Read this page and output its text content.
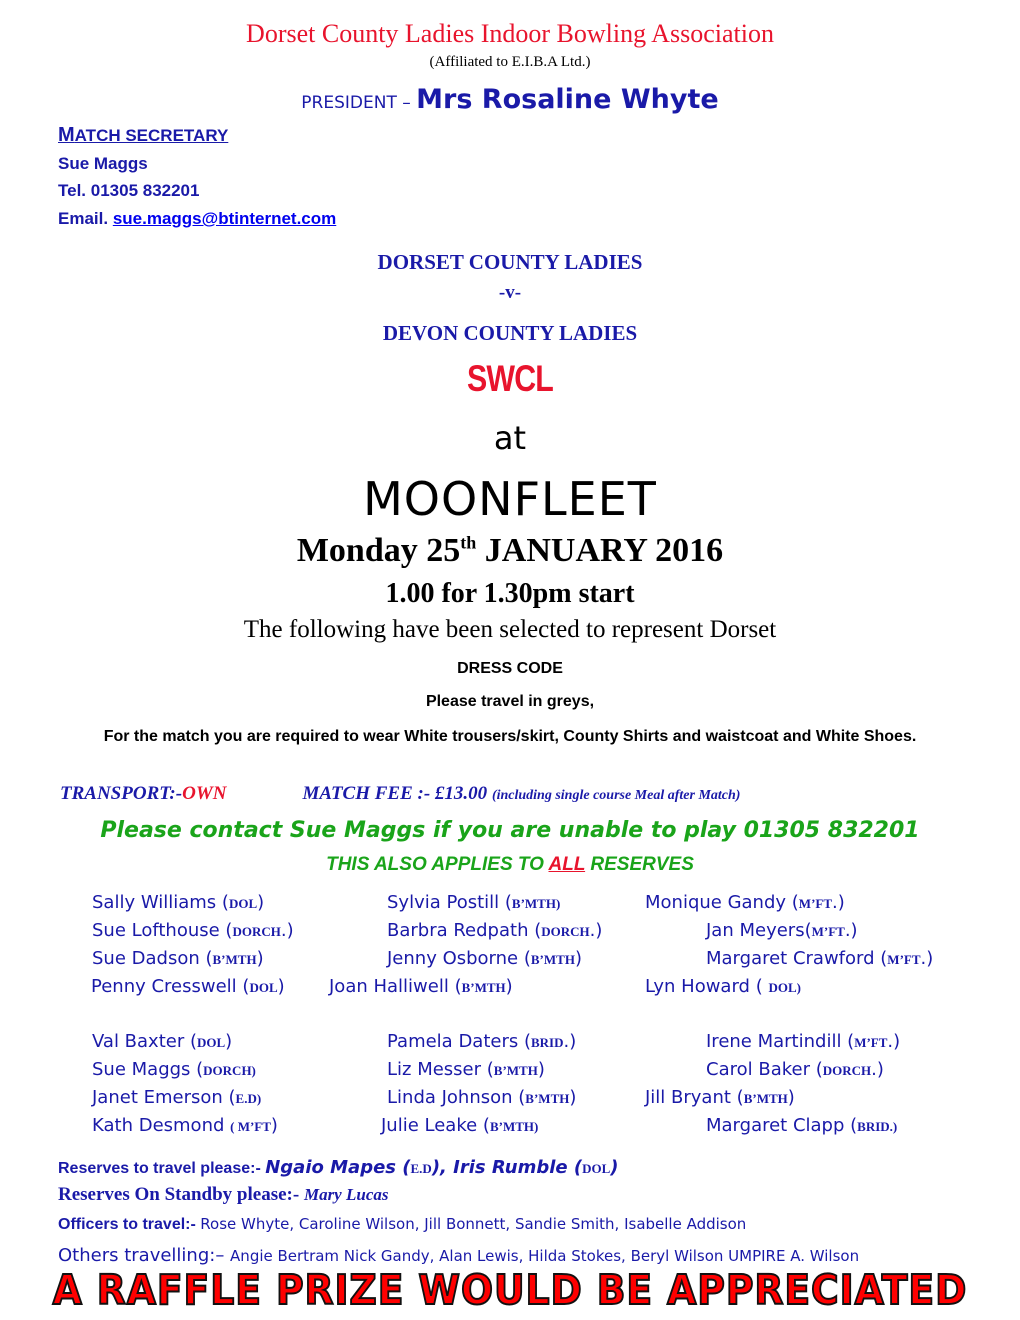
Dorset County Ladies Indoor Bowling Association
(Affiliated to E.I.B.A Ltd.)
PRESIDENT – Mrs Rosaline Whyte
MATCH SECRETARY
Sue Maggs
Tel. 01305 832201
Email. sue.maggs@btinternet.com
DORSET COUNTY LADIES
-v-
DEVON COUNTY LADIES
SWCL
at
MOONFLEET
Monday 25th JANUARY 2016
1.00 for 1.30pm start
The following have been selected to represent Dorset
DRESS CODE
Please travel in greys,
For the match you are required to wear White trousers/skirt, County Shirts and waistcoat and White Shoes.
TRANSPORT:-OWN	MATCH FEE :- £13.00 (including single course Meal after Match)
Please contact Sue Maggs if you are unable to play 01305 832201
THIS ALSO APPLIES TO ALL RESERVES
Sally Williams (DOL)	Sylvia Postill (B’MTH)	Monique Gandy (M’FT.)
Sue Lofthouse (DORCH.)	Barbra Redpath (DORCH.)	Jan Meyers(M’FT.)
Sue Dadson (B’MTH)	Jenny Osborne (B’MTH)	Margaret Crawford (M’FT.)
Penny Cresswell (DOL) Joan Halliwell (B’MTH)	Lyn Howard ( DOL)
Val Baxter (DOL)	Pamela Daters (BRID.)	Irene Martindill (M’FT.)
Sue Maggs (DORCH)	Liz Messer (B’MTH)	Carol Baker (DORCH.)
Janet Emerson (E.D)	Linda Johnson (B’MTH)	Jill Bryant (B’MTH)
Kath Desmond ( M’FT)	Julie Leake (B’MTH)	Margaret Clapp (BRID.)
Reserves to travel please:- Ngaio Mapes (E.D), Iris Rumble (DOL)
Reserves On Standby please:- Mary Lucas
Officers to travel:- Rose Whyte, Caroline Wilson, Jill Bonnett, Sandie Smith, Isabelle Addison
Others travelling:– Angie Bertram Nick Gandy, Alan Lewis, Hilda Stokes, Beryl Wilson UMPIRE A. Wilson
A RAFFLE PRIZE WOULD BE APPRECIATED
